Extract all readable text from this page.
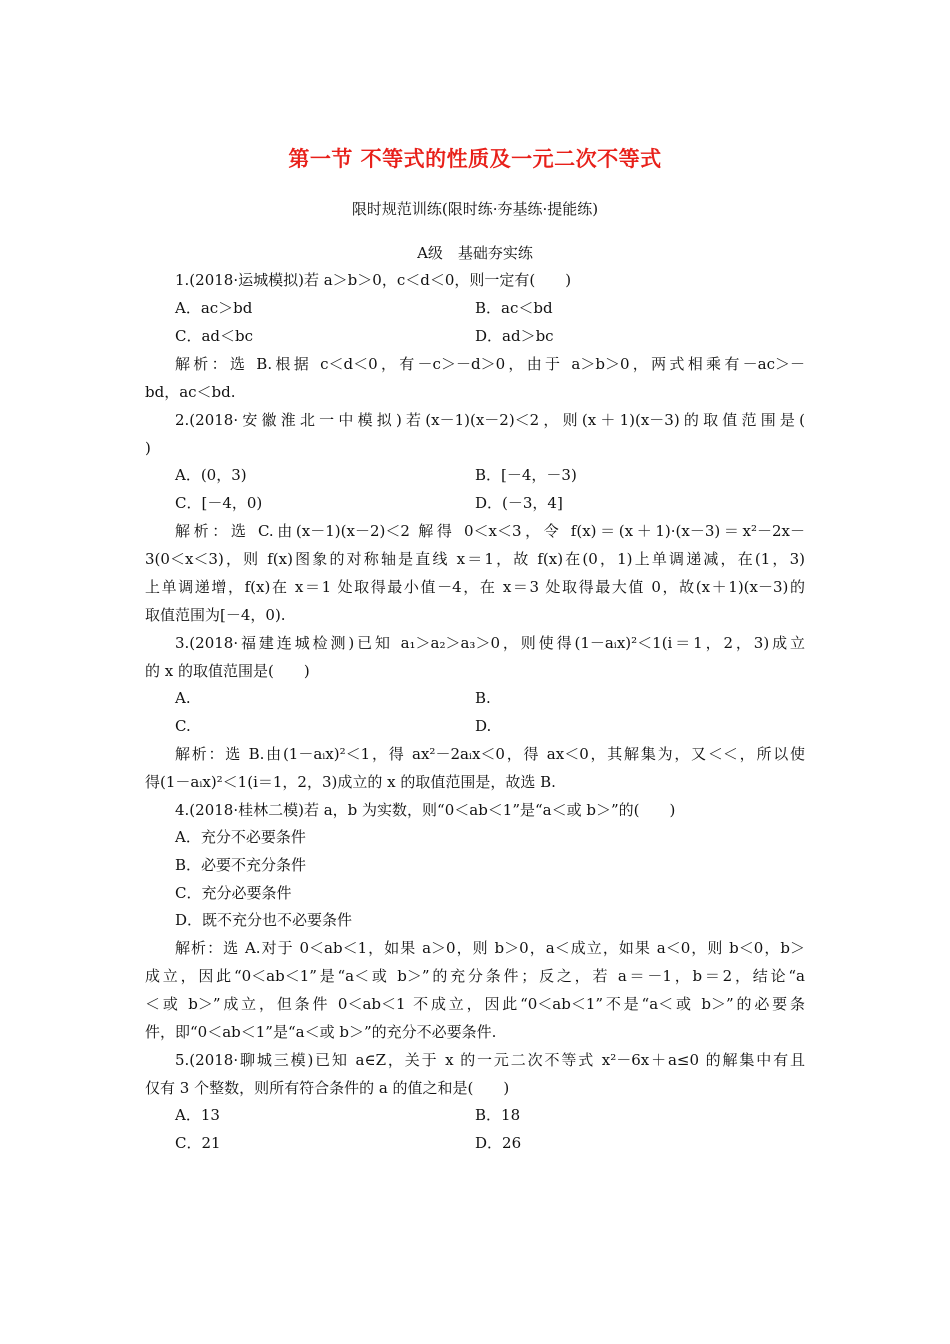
第一节 不等式的性质及一元二次不等式
限时规范训练(限时练·夯基练·提能练)
A级　基础夯实练
1.(2018·运城模拟)若 a＞b＞0，c＜d＜0，则一定有(　　)
A．ac＞bd	B．ac＜bd
C．ad＜bc	D．ad＞bc
解析：选 B.根据 c＜d＜0，有－c＞－d＞0，由于 a＞b＞0，两式相乘有－ac＞－
bd，ac＜bd.
2.(2018·安徽淮北一中模拟)若(x－1)(x－2)＜2，则(x＋1)(x－3)的取值范围是(
)
A．(0，3)	B．[－4，－3)
C．[－4，0)	D．(－3，4]
解析：选 C.由(x－1)(x－2)＜2 解得 0＜x＜3，令 f(x)＝(x＋1)·(x－3)＝x²－2x－
3(0＜x＜3)，则 f(x)图象的对称轴是直线 x＝1，故 f(x)在(0，1)上单调递减，在(1，3)
上单调递增，f(x)在 x＝1 处取得最小值－4，在 x＝3 处取得最大值 0，故(x＋1)(x－3)的
取值范围为[－4，0).
3.(2018·福建连城检测)已知 a₁＞a₂＞a₃＞0，则使得(1－aᵢx)²＜1(i＝1，2，3)成立
的 x 的取值范围是(　　)
A.	B.
C.	D.
解析：选 B.由(1－aᵢx)²＜1，得 ax²－2aᵢx＜0，得 ax＜0，其解集为，又＜＜，所以使
得(1－aᵢx)²＜1(i＝1，2，3)成立的 x 的取值范围是，故选 B.
4.(2018·桂林二模)若 a，b 为实数，则“0＜ab＜1”是“a＜或 b＞”的(　　)
A．充分不必要条件
B．必要不充分条件
C．充分必要条件
D．既不充分也不必要条件
解析：选 A.对于 0＜ab＜1，如果 a＞0，则 b＞0，a＜成立，如果 a＜0，则 b＜0，b＞
成立，因此“0＜ab＜1”是“a＜或 b＞”的充分条件；反之，若 a＝－1，b＝2，结论“a
＜或 b＞”成立，但条件 0＜ab＜1 不成立，因此“0＜ab＜1”不是“a＜或 b＞”的必要条
件，即“0＜ab＜1”是“a＜或 b＞”的充分不必要条件.
5.(2018·聊城三模)已知 a∈Z，关于 x 的一元二次不等式 x²－6x＋a≤0 的解集中有且
仅有 3 个整数，则所有符合条件的 a 的值之和是(　　)
A．13	B．18
C．21	D．26
